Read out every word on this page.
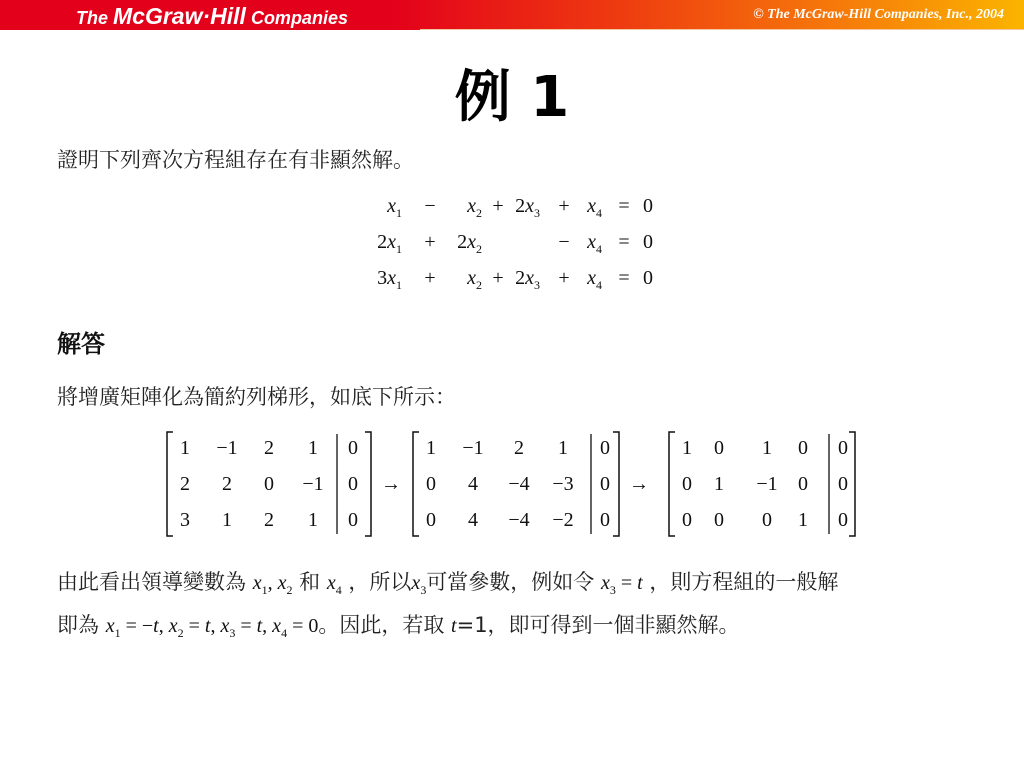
The McGraw·Hill Companies	© The McGraw-Hill Companies, Inc., 2004
例 1
證明下列齊次方程組存在有非顯然解。
$x_1 - x_2 + 2x_3 + x_4 = 0$
$2x_1 + 2x_2$	− $x_4 = 0$
$3x_1 + x_2 + 2x_3 + x_4 = 0$
解答
將增廣矩陣化為簡約列梯形，如底下所示：
1 −1 2 1 0
2 2 0 −1 0
3 1 2 1 0
→
1 −1 2 1 0
0 4 −4 −3 0
0 4 −4 −2 0
→
1 0 1 0 0
0 1 −1 0 0
0 0 0 1 0
由此看出領導變數為 $x_1$, $x_2$ 和 $x_4$ ，所以$x_3$可當參數，例如令 $x_3 = t$ ，則方程組的一般解
即為 $x_1 = -t$, $x_2 = t$, $x_3 = t$, $x_4 = 0$。因此，若取 t=1，即可得到一個非顯然解。
